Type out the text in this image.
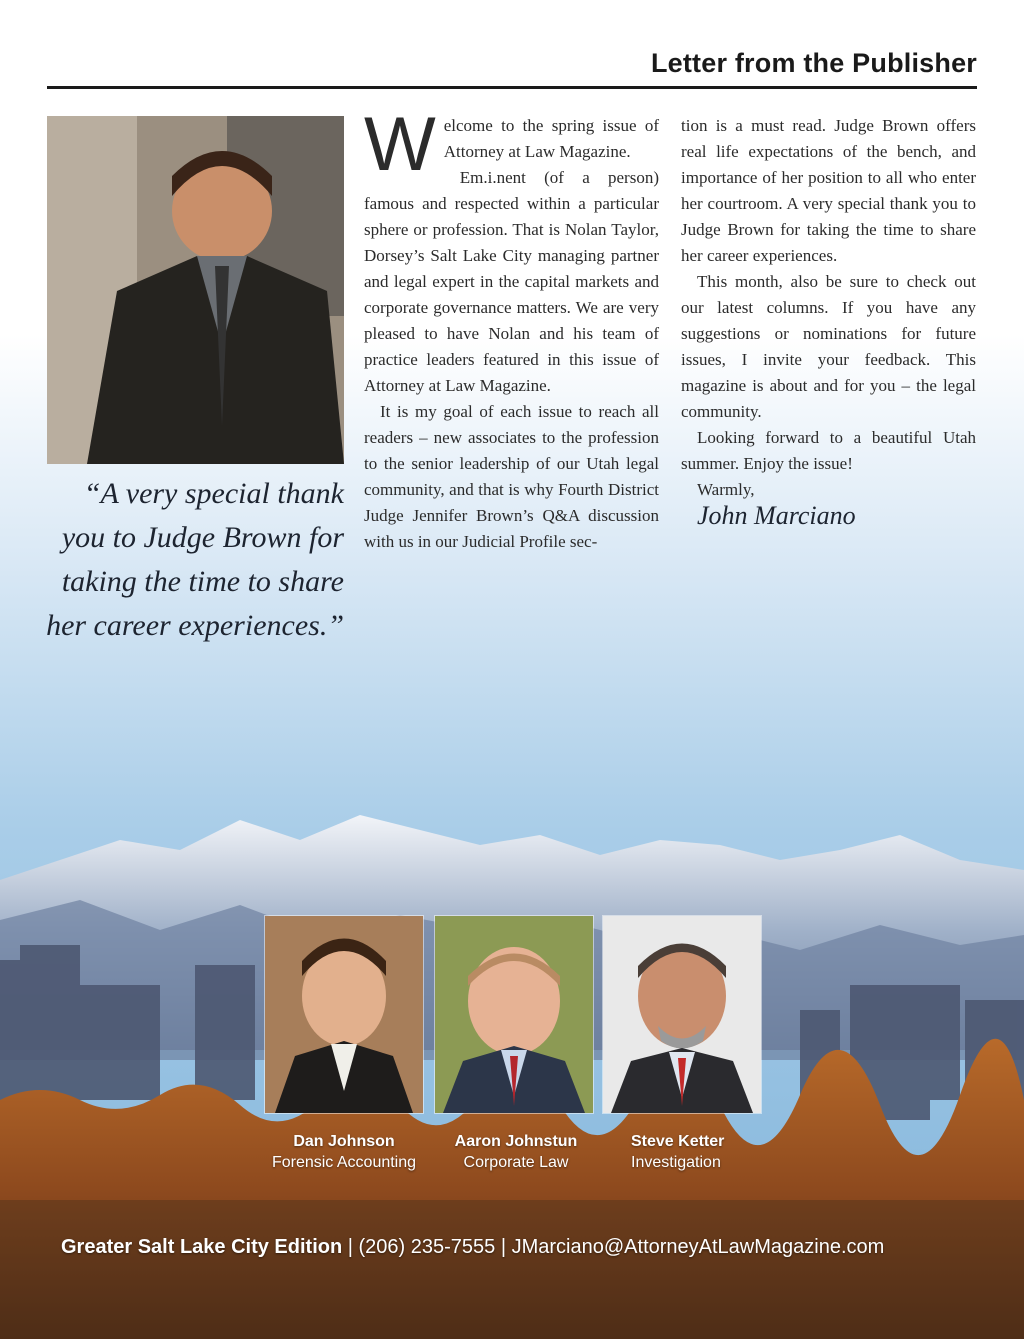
Letter from the Publisher
“A very special thank you to Judge Brown for taking the time to share her career experiences.”

Welcome to the spring issue of Attorney at Law Magazine.

Em.i.nent (of a person) famous and respected within a particular sphere or profession. That is Nolan Taylor, Dorsey’s Salt Lake City managing partner and legal expert in the capital markets and corporate governance matters. We are very pleased to have Nolan and his team of practice leaders featured in this issue of Attorney at Law Magazine.

It is my goal of each issue to reach all readers – new associates to the profession to the senior leadership of our Utah legal community, and that is why Fourth District Judge Jennifer Brown’s Q&A discussion with us in our Judicial Profile sec-

tion is a must read. Judge Brown offers real life expectations of the bench, and importance of her position to all who enter her courtroom. A very special thank you to Judge Brown for taking the time to share her career experiences.

This month, also be sure to check out our latest columns. If you have any suggestions or nominations for future issues, I invite your feedback. This magazine is about and for you – the legal community.

Looking forward to a beautiful Utah summer. Enjoy the issue!

Warmly,

John Marciano

Dan Johnson
Forensic Accounting
Aaron Johnstun
Corporate Law
Steve Ketter
Investigation
Greater Salt Lake City Edition | (206) 235-7555 | JMarciano@AttorneyAtLawMagazine.com
